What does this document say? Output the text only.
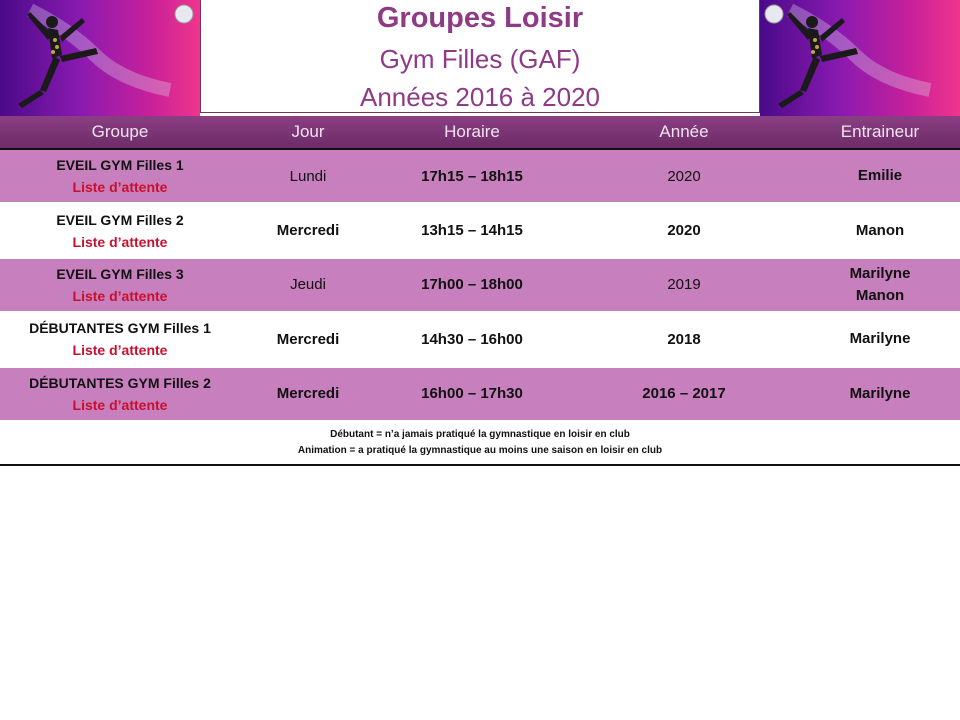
Groupes Loisir
Gym Filles (GAF)
Années 2016 à 2020
Groupe	Jour	Horaire	Année	Entraineur

EVEIL GYM Filles 1
Liste d’attente	Lundi	17h15 – 18h15	2020	Emilie

EVEIL GYM Filles 2
Liste d’attente	Mercredi	13h15 – 14h15	2020	Manon

EVEIL GYM Filles 3
Liste d’attente	Jeudi	17h00 – 18h00	2019	Marilyne
Manon

DÉBUTANTES GYM Filles 1
Liste d’attente	Mercredi	14h30 – 16h00	2018	Marilyne

DÉBUTANTES GYM Filles 2
Liste d’attente	Mercredi	16h00 – 17h30	2016 – 2017	Marilyne

Débutant = n’a jamais pratiqué la gymnastique en loisir en club
Animation = a pratiqué la gymnastique au moins une saison en loisir en club				
